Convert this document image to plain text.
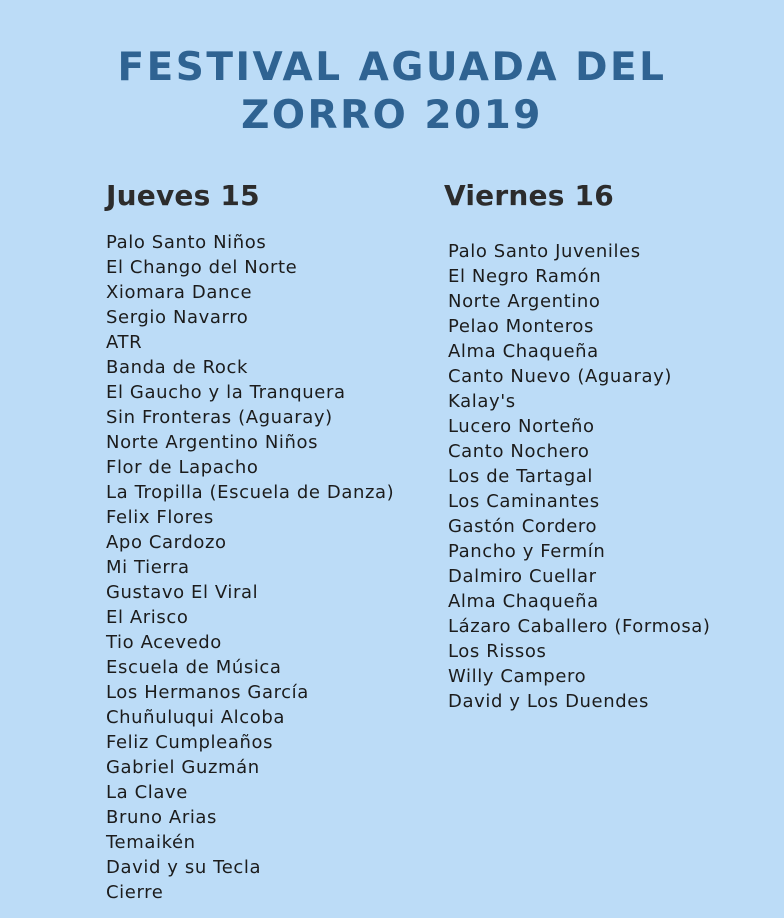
FESTIVAL AGUADA DEL
ZORRO 2019
Jueves 15
Palo Santo Niños
El Chango del Norte
Xiomara Dance
Sergio Navarro
ATR
Banda de Rock
El Gaucho y la Tranquera
Sin Fronteras (Aguaray)
Norte Argentino Niños
Flor de Lapacho
La Tropilla (Escuela de Danza)
Felix Flores
Apo Cardozo
Mi Tierra
Gustavo El Viral
El Arisco
Tio Acevedo
Escuela de Música
Los Hermanos García
Chuñuluqui Alcoba
Feliz Cumpleaños
Gabriel Guzmán
La Clave
Bruno Arias
Temaikén
David y su Tecla
Cierre
Viernes 16
Palo Santo Juveniles
El Negro Ramón
Norte Argentino
Pelao Monteros
Alma Chaqueña
Canto Nuevo (Aguaray)
Kalay's
Lucero Norteño
Canto Nochero
Los de Tartagal
Los Caminantes
Gastón Cordero
Pancho y Fermín
Dalmiro Cuellar
Alma Chaqueña
Lázaro Caballero (Formosa)
Los Rissos
Willy Campero
David y Los Duendes
